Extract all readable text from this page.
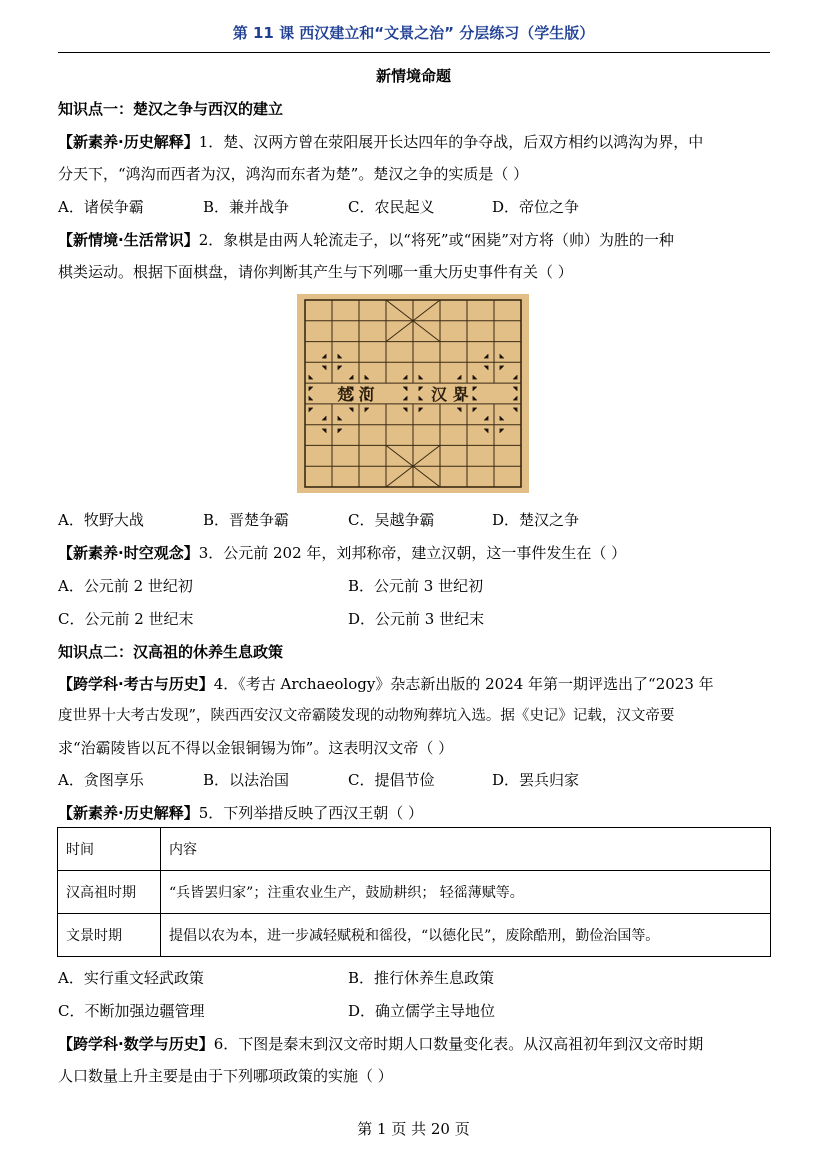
第 11 课 西汉建立和“文景之治” 分层练习（学生版）
新情境命题
知识点一：楚汉之争与西汉的建立
【新素养·历史解释】1．楚、汉两方曾在荥阳展开长达四年的争夺战，后双方相约以鸿沟为界，中
分天下，“鸿沟而西者为汉，鸿沟而东者为楚”。楚汉之争的实质是（ ）
A．诸侯争霸	B．兼并战争	C．农民起义	D．帝位之争
【新情境·生活常识】2．象棋是由两人轮流走子，以“将死”或“困毙”对方将（帅）为胜的一种
棋类运动。根据下面棋盘，请你判断其产生与下列哪一重大历史事件有关（ ）
楚 河	汉 界
A．牧野大战	B．晋楚争霸	C．吴越争霸	D．楚汉之争
【新素养·时空观念】3．公元前 202 年，刘邦称帝，建立汉朝，这一事件发生在（ ）
A．公元前 2 世纪初	B．公元前 3 世纪初
C．公元前 2 世纪末	D．公元前 3 世纪末
知识点二：汉高祖的休养生息政策
【跨学科·考古与历史】4．《考古 Archaeology》杂志新出版的 2024 年第一期评选出了“2023 年
度世界十大考古发现”，陕西西安汉文帝霸陵发现的动物殉葬坑入选。据《史记》记载，汉文帝要
求“治霸陵皆以瓦不得以金银铜锡为饰”。这表明汉文帝（ ）
A．贪图享乐	B．以法治国	C．提倡节俭	D．罢兵归家
【新素养·历史解释】5．下列举措反映了西汉王朝（ ）
时间	内容
汉高祖时期	“兵皆罢归家”；注重农业生产，鼓励耕织； 轻徭薄赋等。
文景时期	提倡以农为本，进一步减轻赋税和徭役，“以德化民”，废除酷刑，勤俭治国等。
A．实行重文轻武政策	B．推行休养生息政策
C．不断加强边疆管理	D．确立儒学主导地位
【跨学科·数学与历史】6．下图是秦末到汉文帝时期人口数量变化表。从汉高祖初年到汉文帝时期
人口数量上升主要是由于下列哪项政策的实施（ ）
第 1 页 共 20 页
